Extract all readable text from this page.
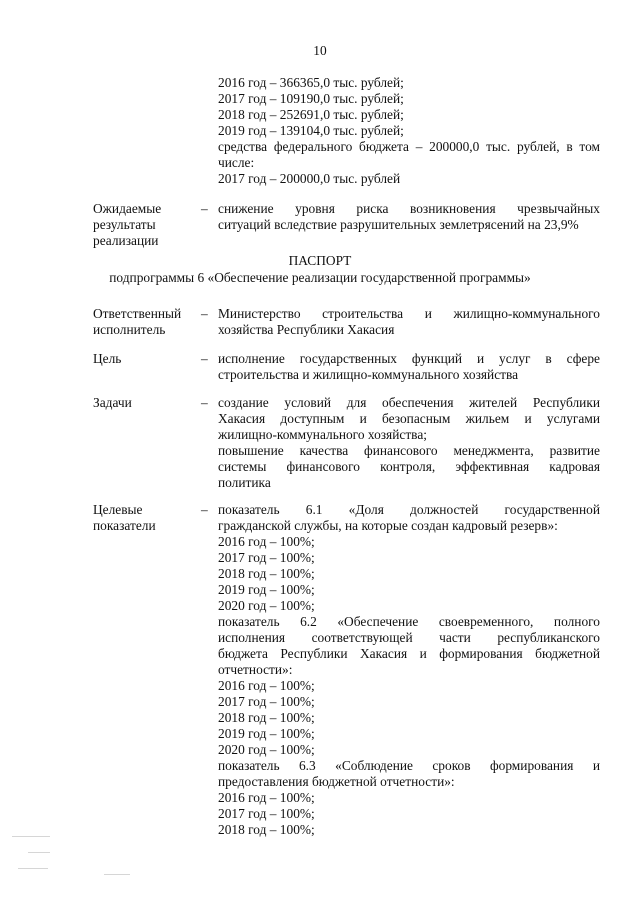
10
2016 год – 366365,0 тыс. рублей;
2017 год – 109190,0 тыс. рублей;
2018 год – 252691,0 тыс. рублей;
2019 год – 139104,0 тыс. рублей;
средства федерального бюджета – 200000,0 тыс. рублей, в том
числе:
2017 год – 200000,0 тыс. рублей
Ожидаемые
результаты
реализации
– снижение уровня риска возникновения чрезвычайных
ситуаций вследствие разрушительных землетрясений на 23,9%
ПАСПОРТ
подпрограммы 6 «Обеспечение реализации государственной программы»
Ответственный
исполнитель
– Министерство строительства и жилищно-коммунального
хозяйства Республики Хакасия
Цель	– исполнение государственных функций и услуг в сфере
строительства и жилищно-коммунального хозяйства
Задачи	– создание условий для обеспечения жителей Республики
Хакасия доступным и безопасным жильем и услугами
жилищно-коммунального хозяйства;
повышение качества финансового менеджмента, развитие
системы финансового контроля, эффективная кадровая
политика
Целевые
показатели
– показатель 6.1 «Доля должностей государственной
гражданской службы, на которые создан кадровый резерв»:
2016 год – 100%;
2017 год – 100%;
2018 год – 100%;
2019 год – 100%;
2020 год – 100%;
показатель 6.2 «Обеспечение своевременного, полного
исполнения соответствующей части республиканского
бюджета Республики Хакасия и формирования бюджетной
отчетности»:
2016 год – 100%;
2017 год – 100%;
2018 год – 100%;
2019 год – 100%;
2020 год – 100%;
показатель 6.3 «Соблюдение сроков формирования и
предоставления бюджетной отчетности»:
2016 год – 100%;
2017 год – 100%;
2018 год – 100%;
